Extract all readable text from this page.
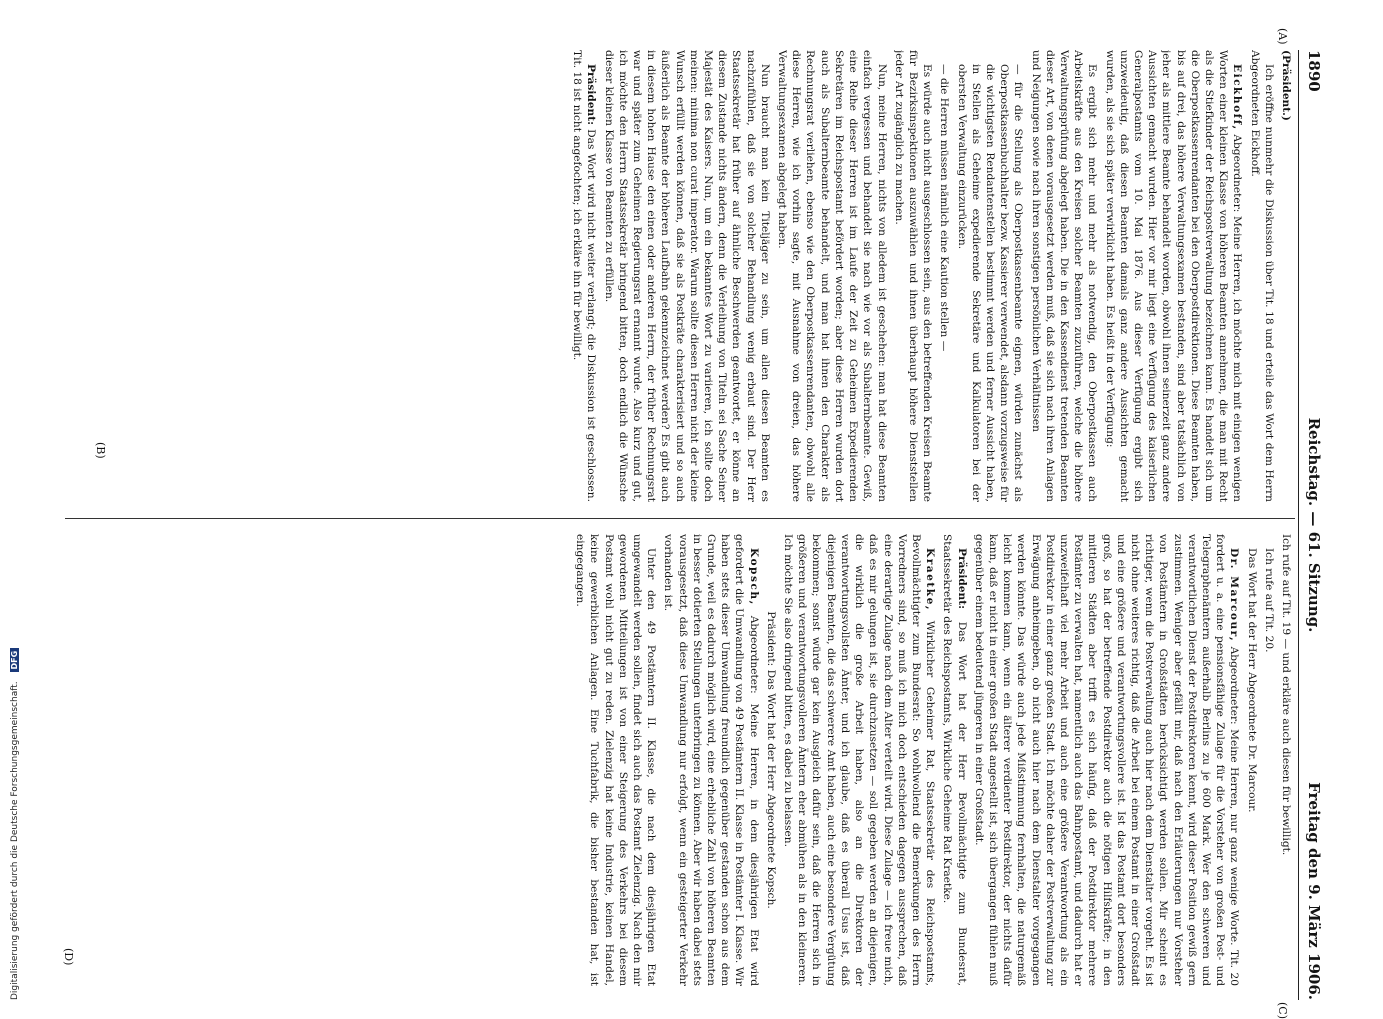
Digitalisierung gefördert durch die Deutsche Forschungsgemeinschaft. DFG
1890
Reichstag. — 61. Sitzung.
Freitag den 9. März 1906.
(A)
(B)
(C)
(D)

(Präsident.)

Ich eröffne nunmehr die Diskussion über Tit. 18 und erteile das Wort dem Herrn Abgeordneten Eickhoff.

Eickhoff, Abgeordneter: Meine Herren, ich möchte mich mit einigen wenigen Worten einer kleinen Klasse von höheren Beamten annehmen, die man mit Recht als die Stiefkinder der Reichspostverwaltung bezeichnen kann. Es handelt sich um die Oberpostkassenrendanten bei den Oberpostdirektionen. Diese Beamten haben, bis auf drei, das höhere Verwaltungsexamen bestanden, sind aber tatsächlich von jeher als mittlere Beamte behandelt worden, obwohl ihnen seinerzeit ganz andere Aussichten gemacht wurden. Hier vor mir liegt eine Verfügung des kaiserlichen Generalpostamts vom 10. Mai 1876. Aus dieser Verfügung ergibt sich unzweideutig, daß diesen Beamten damals ganz andere Aussichten gemacht wurden, als sie sich später verwirklicht haben. Es heißt in der Verfügung:

Es ergibt sich mehr und mehr als notwendig, den Oberpostkassen auch Arbeitskräfte aus den Kreisen solcher Beamten zuzuführen, welche die höhere Verwaltungsprüfung abgelegt haben. Die in den Kassendienst tretenden Beamten dieser Art, von denen vorausgesetzt werden muß, daß sie sich nach ihren Anlagen und Neigungen sowie nach ihren sonstigen persönlichen Verhältnissen

— für die Stellung als Oberpostkassenbeamte eignen, würden zunächst als Oberpostkassenbuchhalter bezw. Kassierer verwendet, alsdann vorzugsweise für die wichtigsten Rendantenstellen bestimmt werden und ferner Aussicht haben, in Stellen als Geheime expedierende Sekretäre und Kalkulatoren bei der obersten Verwaltung einzurücken.

— die Herren müssen nämlich eine Kaution stellen —

Es würde auch nicht ausgeschlossen sein, aus den betreffenden Kreisen Beamte für Bezirksinspektionen auszuwählen und ihnen überhaupt höhere Dienststellen jeder Art zugänglich zu machen.

Nun, meine Herren, nichts von alledem ist geschehen: man hat diese Beamten einfach vergessen und behandelt sie nach wie vor als Subalternbeamte. Gewiß, eine Reihe dieser Herren ist im Laufe der Zeit zu Geheimen Expedierenden Sekretären im Reichspostamt befördert worden; aber diese Herren wurden dort auch als Subalternbeamte behandelt, und man hat ihnen den Charakter als Rechnungsrat verliehen, ebenso wie den Oberpostkassenrendanten, obwohl alle diese Herren, wie ich vorhin sagte, mit Ausnahme von dreien, das höhere Verwaltungsexamen abgelegt haben.

Nun braucht man kein Titeljäger zu sein, um allen diesen Beamten es nachzufühlen, daß sie von solcher Behandlung wenig erbaut sind. Der Herr Staatssekretär hat früher auf ähnliche Beschwerden geantwortet, er könne an diesem Zustande nichts ändern, denn die Verleihung von Titeln sei Sache Seiner Majestät des Kaisers. Nun, um ein bekanntes Wort zu variieren, ich sollte doch meinen: minima non curat imperator. Warum sollte diesen Herren nicht der kleine Wunsch erfüllt werden können, daß sie als Postkräte charakterisiert und so auch äußerlich als Beamte der höheren Laufbahn gekennzeichnet werden? Es gibt auch in diesem hohen Hause den einen oder anderen Herrn, der früher Rechnungsrat war und später zum Geheimen Regierungsrat ernannt wurde. Also kurz und gut, ich möchte den Herrn Staatssekretär bringend bitten, doch endlich die Wünsche dieser kleinen Klasse von Beamten zu erfüllen.

Präsident: Das Wort wird nicht weiter verlangt; die Diskussion ist geschlossen. Tit. 18 ist nicht angefochten; ich erkläre ihn für bewilligt.

Ich rufe auf Tit. 19 — und erkläre auch diesen für bewilligt.

Ich rufe auf Tit. 20.

Das Wort hat der Herr Abgeordnete Dr. Marcour.

Dr. Marcour, Abgeordneter: Meine Herren, nur ganz wenige Worte. Tit. 20 fordert u. a. eine pensionsfähige Zulage für die Vorsteher von großen Post- und Telegraphenämtern außerhalb Berlins zu je 600 Mark. Wer den schweren und verantwortlichen Dienst der Postdirektoren kennt, wird dieser Position gewiß gern zustimmen. Weniger aber gefällt mir, daß nach den Erläuterungen nur Vorsteher von Postämtern in Großstädten berücksichtigt werden sollen. Mir scheint es richtiger, wenn die Postverwaltung auch hier nach dem Dienstalter vorgeht. Es ist nicht ohne weiteres richtig, daß die Arbeit bei einem Postamt in einer Großstadt und eine größere und verantwortungsvollere ist. Ist das Postamt dort besonders groß, so hat der betreffende Postdirektor auch die nötigen Hilfskräfte; in den mittleren Städten aber trifft es sich häufig, daß der Postdirektor mehrere Postämter zu verwalten hat, namentlich auch das Bahnpostamt, und dadurch hat er unzweifelhaft viel mehr Arbeit und auch eine größere Verantwortung als ein Postdirektor in einer ganz großen Stadt. Ich möchte daher der Postverwaltung zur Erwägung anheimgeben, ob nicht auch hier nach dem Dienstalter vorgegangen werden könnte. Das würde auch jede Mißstimmung fernhalten, die naturgemäß leicht kommen kann, wenn ein älterer verdienter Postdirektor, der nichts dafür kann, daß er nicht in einer großen Stadt angestellt ist, sich übergangen fühlen muß gegenüber einem bedeutend jüngeren in einer Großstadt.

Präsident: Das Wort hat der Herr Bevollmächtigte zum Bundesrat, Staatssekretär des Reichspostamts, Wirkliche Geheime Rat Kraetke.

Kraetke, Wirklicher Geheimer Rat, Staatssekretär des Reichspostamts, Bevollmächtigter zum Bundesrat: So wohlwollend die Bemerkungen des Herrn Vorredners sind, so muß ich mich doch entschieden dagegen aussprechen, daß eine derartige Zulage nach dem Alter verteilt wird. Diese Zulage — ich freue mich, daß es mir gelungen ist, sie durchzusetzen — soll gegeben werden an diejenigen, die wirklich die große Arbeit haben, also an die Direktoren der verantwortungsvollsten Ämter, und ich glaube, daß es überall Usus ist, daß diejenigen Beamten, die das schwerere Amt haben, auch eine besondere Vergütung bekommen; sonst würde gar kein Ausgleich dafür sein, daß die Herren sich in größeren und verantwortungsvolleren Ämtern eher abmühen als in den kleineren. Ich möchte Sie also dringend bitten, es dabei zu belassen.

Präsident: Das Wort hat der Herr Abgeordnete Kopsch.

Kopsch, Abgeordneter: Meine Herren, in dem diesjährigen Etat wird gefordert die Umwandlung von 49 Postämtern II. Klasse in Postämter I. Klasse. Wir haben stets dieser Umwandlung freundlich gegenüber gestanden schon aus dem Grunde, weil es dadurch möglich wird, eine erhebliche Zahl von höheren Beamten in besser dotierten Stellungen unterbringen zu können. Aber wir haben dabei stets vorausgesetzt, daß diese Umwandlung nur erfolgt, wenn ein gesteigerter Verkehr vorhanden ist.

Unter den 49 Postämtern II. Klasse, die nach dem diesjährigen Etat umgewandelt werden sollen, findet sich auch das Postamt Zielenzig. Nach den mir gewordenen Mitteilungen ist von einer Steigerung des Verkehrs bei diesem Postamt wohl nicht gut zu reden. Zielenzig hat keine Industrie, keinen Handel, keine gewerblichen Anlagen. Eine Tuchfabrik, die bisher bestanden hat, ist eingegangen.
